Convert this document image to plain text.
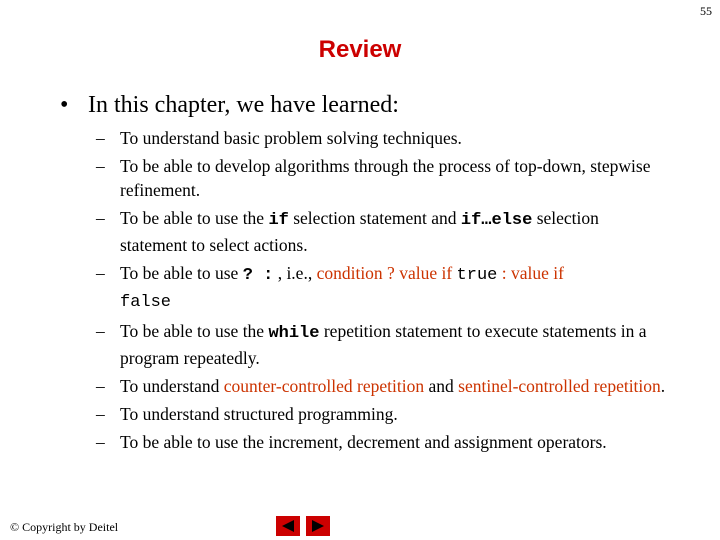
55
Review
• In this chapter, we have learned:
– To understand basic problem solving techniques.
– To be able to develop algorithms through the process of top-down, stepwise refinement.
– To be able to use the if selection statement and if…else selection statement to select actions.
– To be able to use ? : , i.e., condition ? value if true : value if
false
– To be able to use the while repetition statement to execute statements in a program repeatedly.
– To understand counter-controlled repetition and sentinel-controlled repetition.
– To understand structured programming.
– To be able to use the increment, decrement and assignment operators.
© Copyright by Deitel
